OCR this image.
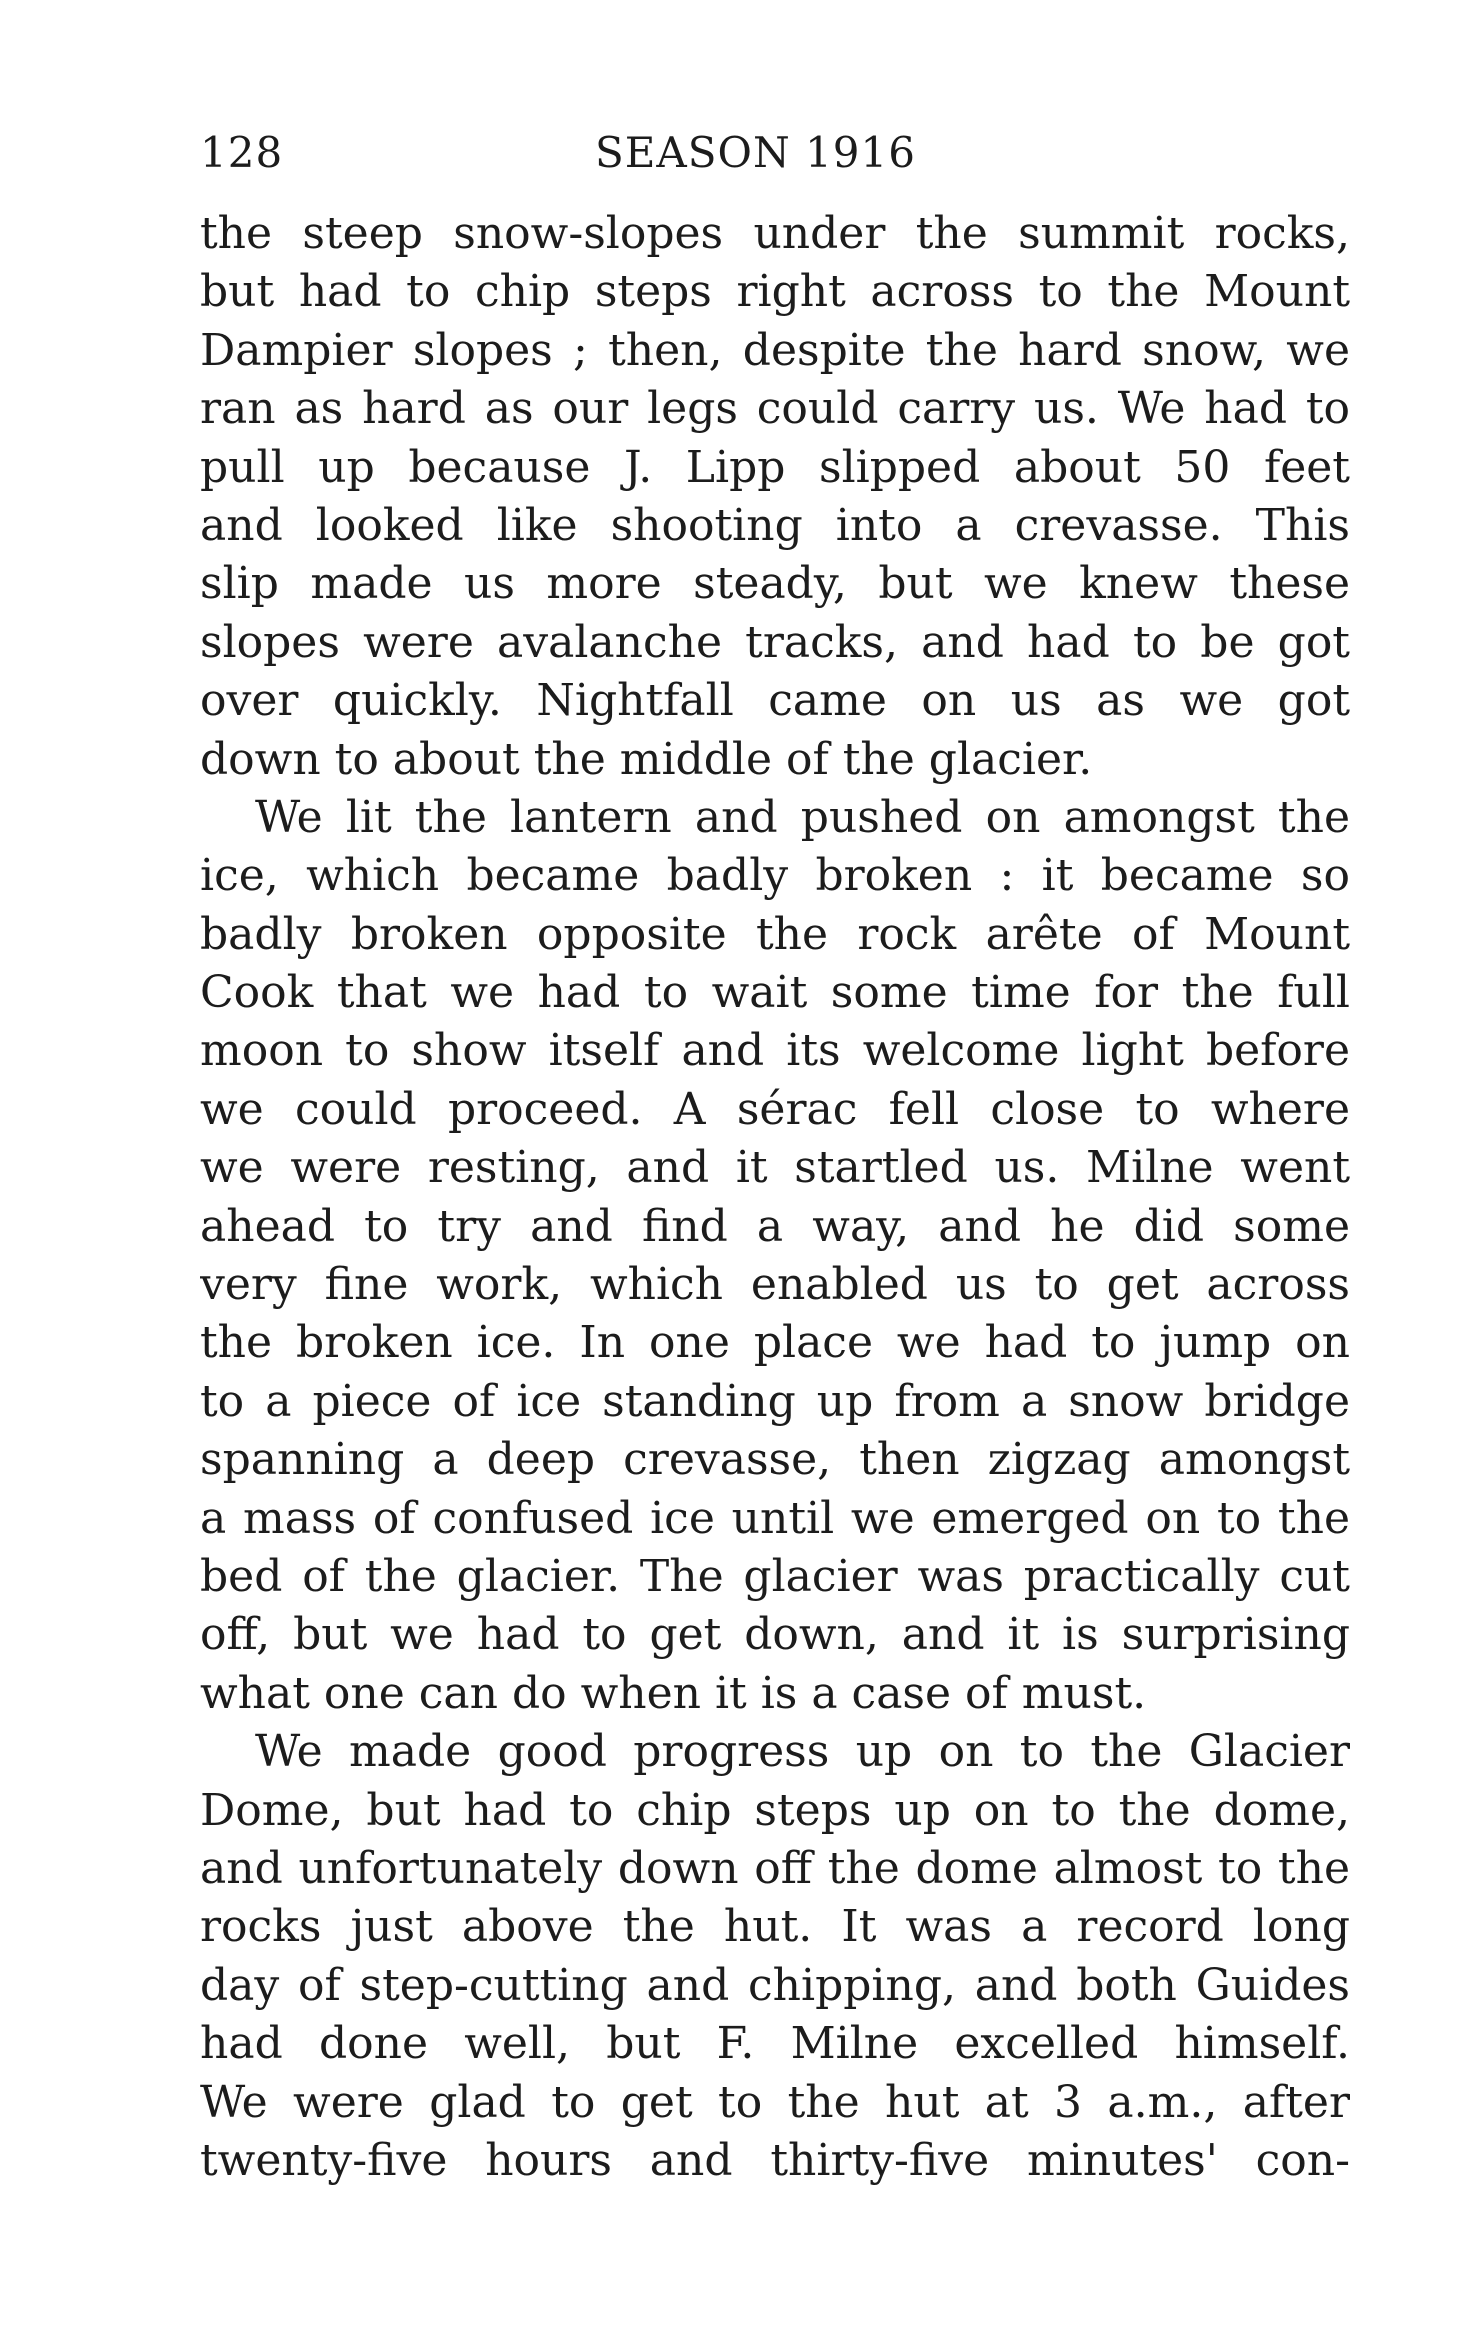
128	SEASON 1916
the steep snow-slopes under the summit rocks,
but had to chip steps right across to the Mount
Dampier slopes ; then, despite the hard snow, we
ran as hard as our legs could carry us. We had to
pull up because J. Lipp slipped about 50 feet
and looked like shooting into a crevasse. This
slip made us more steady, but we knew these
slopes were avalanche tracks, and had to be got
over quickly. Nightfall came on us as we got
down to about the middle of the glacier.
We lit the lantern and pushed on amongst the
ice, which became badly broken : it became so
badly broken opposite the rock arête of Mount
Cook that we had to wait some time for the full
moon to show itself and its welcome light before
we could proceed. A sérac fell close to where
we were resting, and it startled us. Milne went
ahead to try and find a way, and he did some
very fine work, which enabled us to get across
the broken ice. In one place we had to jump on
to a piece of ice standing up from a snow bridge
spanning a deep crevasse, then zigzag amongst
a mass of confused ice until we emerged on to the
bed of the glacier. The glacier was practically cut
off, but we had to get down, and it is surprising
what one can do when it is a case of must.
We made good progress up on to the Glacier
Dome, but had to chip steps up on to the dome,
and unfortunately down off the dome almost to the
rocks just above the hut. It was a record long
day of step-cutting and chipping, and both Guides
had done well, but F. Milne excelled himself.
We were glad to get to the hut at 3 a.m., after
twenty-five hours and thirty-five minutes' con-
